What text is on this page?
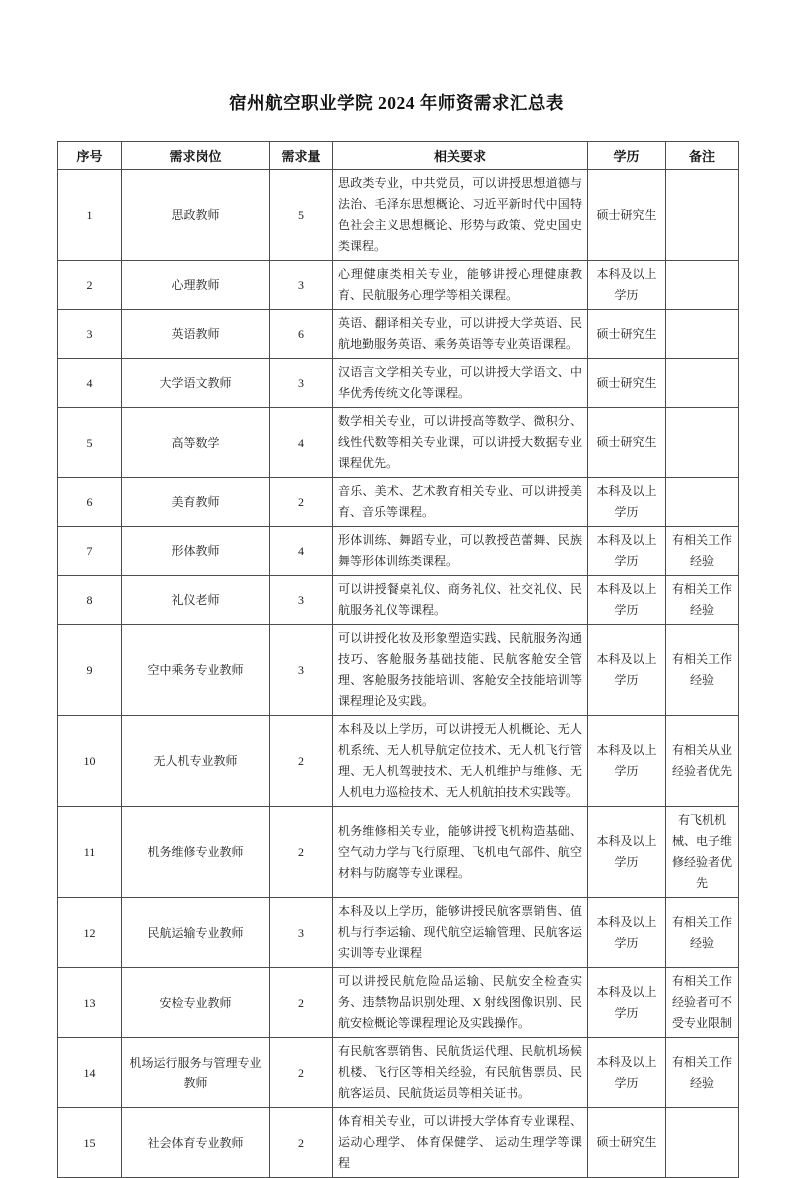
宿州航空职业学院 2024 年师资需求汇总表
序号	需求岗位	需求量	相关要求	学历	备注
1	思政教师	5	思政类专业，中共党员，可以讲授思想道德与法治、毛泽东思想概论、习近平新时代中国特色社会主义思想概论、形势与政策、党史国史类课程。	硕士研究生	
2	心理教师	3	心理健康类相关专业，能够讲授心理健康教育、民航服务心理学等相关课程。	本科及以上学历	
3	英语教师	6	英语、翻译相关专业，可以讲授大学英语、民航地勤服务英语、乘务英语等专业英语课程。	硕士研究生	
4	大学语文教师	3	汉语言文学相关专业，可以讲授大学语文、中华优秀传统文化等课程。	硕士研究生	
5	高等数学	4	数学相关专业，可以讲授高等数学、微积分、线性代数等相关专业课，可以讲授大数据专业课程优先。	硕士研究生	
6	美育教师	2	音乐、美术、艺术教育相关专业、可以讲授美育、音乐等课程。	本科及以上学历	
7	形体教师	4	形体训练、舞蹈专业，可以教授芭蕾舞、民族舞等形体训练类课程。	本科及以上学历	有相关工作经验
8	礼仪老师	3	可以讲授餐桌礼仪、商务礼仪、社交礼仪、民航服务礼仪等课程。	本科及以上学历	有相关工作经验
9	空中乘务专业教师	3	可以讲授化妆及形象塑造实践、民航服务沟通技巧、客舱服务基础技能、民航客舱安全管理、客舱服务技能培训、客舱安全技能培训等课程理论及实践。	本科及以上学历	有相关工作经验
10	无人机专业教师	2	本科及以上学历，可以讲授无人机概论、无人机系统、无人机导航定位技术、无人机飞行管理、无人机驾驶技术、无人机维护与维修、无人机电力巡检技术、无人机航拍技术实践等。	本科及以上学历	有相关从业经验者优先
11	机务维修专业教师	2	机务维修相关专业，能够讲授飞机构造基础、空气动力学与飞行原理、飞机电气部件、航空材料与防腐等专业课程。	本科及以上学历	有飞机机械、电子维修经验者优先
12	民航运输专业教师	3	本科及以上学历，能够讲授民航客票销售、值机与行李运输、现代航空运输管理、民航客运实训等专业课程	本科及以上学历	有相关工作经验
13	安检专业教师	2	可以讲授民航危险品运输、民航安全检查实务、违禁物品识别处理、X 射线图像识别、民航安检概论等课程理论及实践操作。	本科及以上学历	有相关工作经验者可不受专业限制
14	机场运行服务与管理专业教师	2	有民航客票销售、民航货运代理、民航机场候机楼、飞行区等相关经验，有民航售票员、民航客运员、民航货运员等相关证书。	本科及以上学历	有相关工作经验
15	社会体育专业教师	2	体育相关专业，可以讲授大学体育专业课程、运动心理学、 体育保健学、 运动生理学等课程	硕士研究生	
